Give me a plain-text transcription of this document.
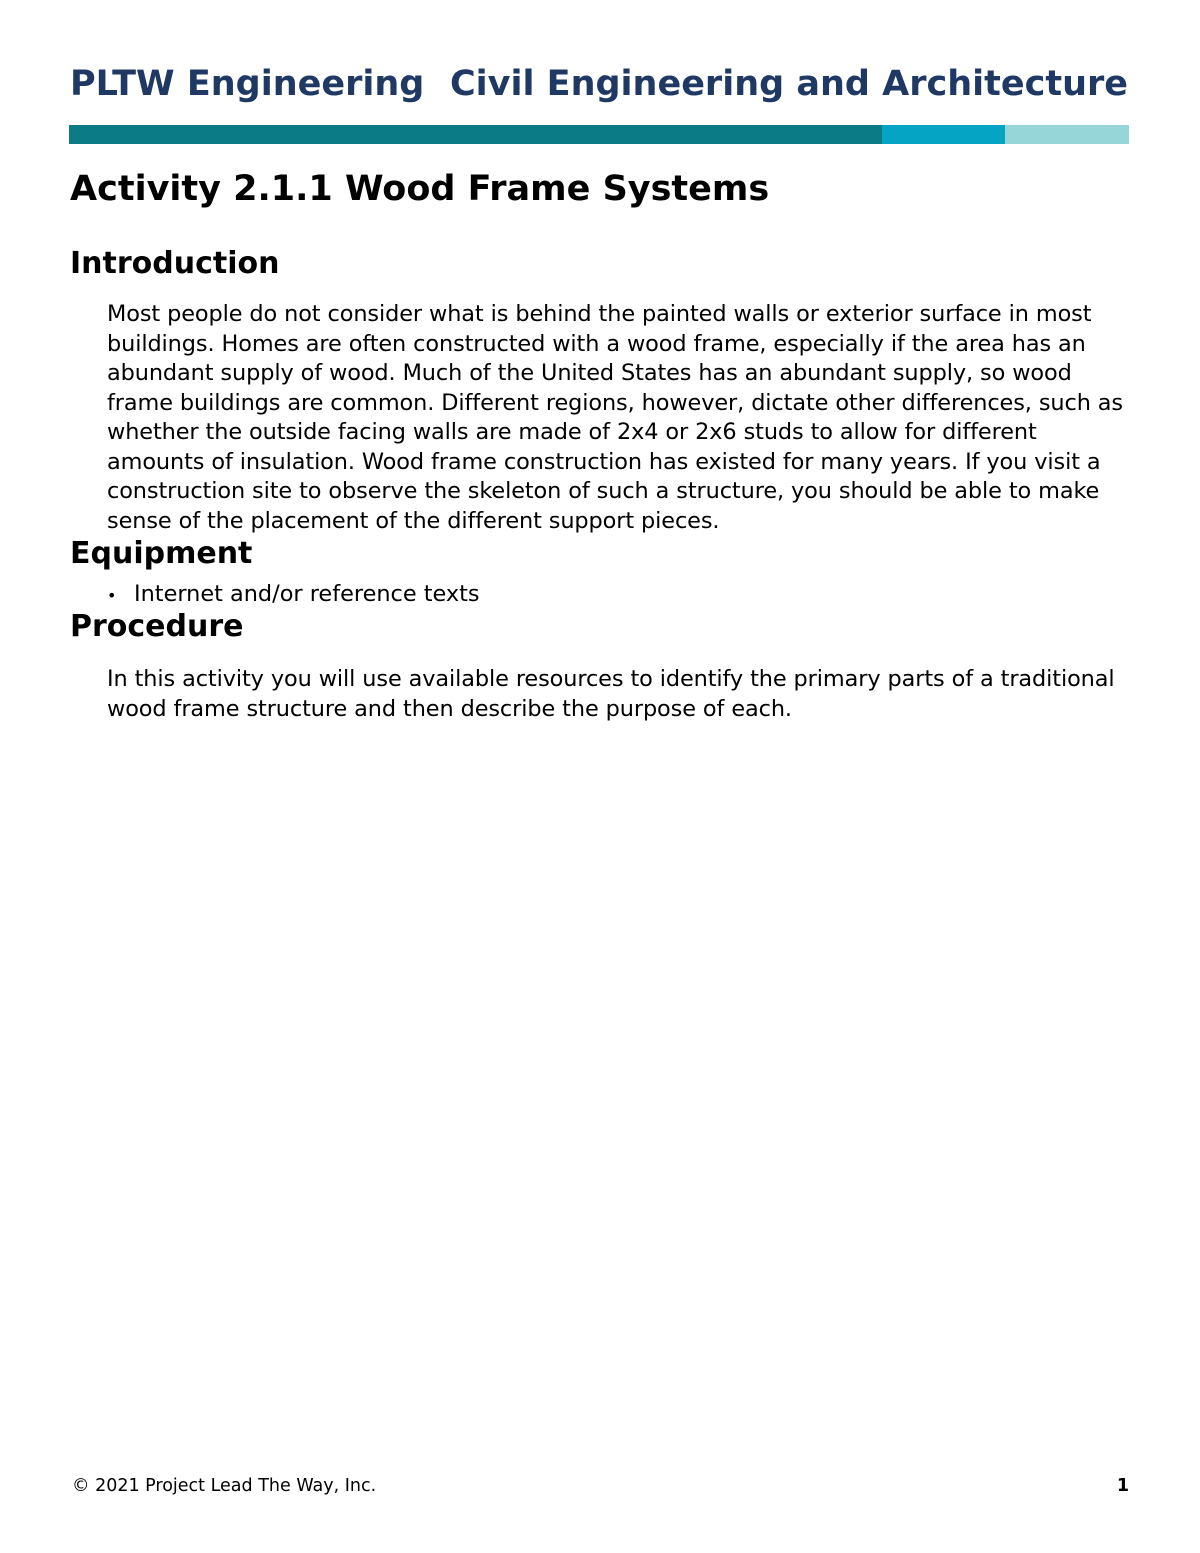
PLTW Engineering Civil Engineering and Architecture
Activity 2.1.1 Wood Frame Systems
Introduction

Most people do not consider what is behind the painted walls or exterior surface in most buildings. Homes are often constructed with a wood frame, especially if the area has an abundant supply of wood. Much of the United States has an abundant supply, so wood frame buildings are common. Different regions, however, dictate other differences, such as whether the outside facing walls are made of 2x4 or 2x6 studs to allow for different amounts of insulation. Wood frame construction has existed for many years. If you visit a construction site to observe the skeleton of such a structure, you should be able to make sense of the placement of the different support pieces.

Equipment
• Internet and/or reference texts
Procedure

In this activity you will use available resources to identify the primary parts of a traditional wood frame structure and then describe the purpose of each.

© 2021 Project Lead The Way, Inc.	1
